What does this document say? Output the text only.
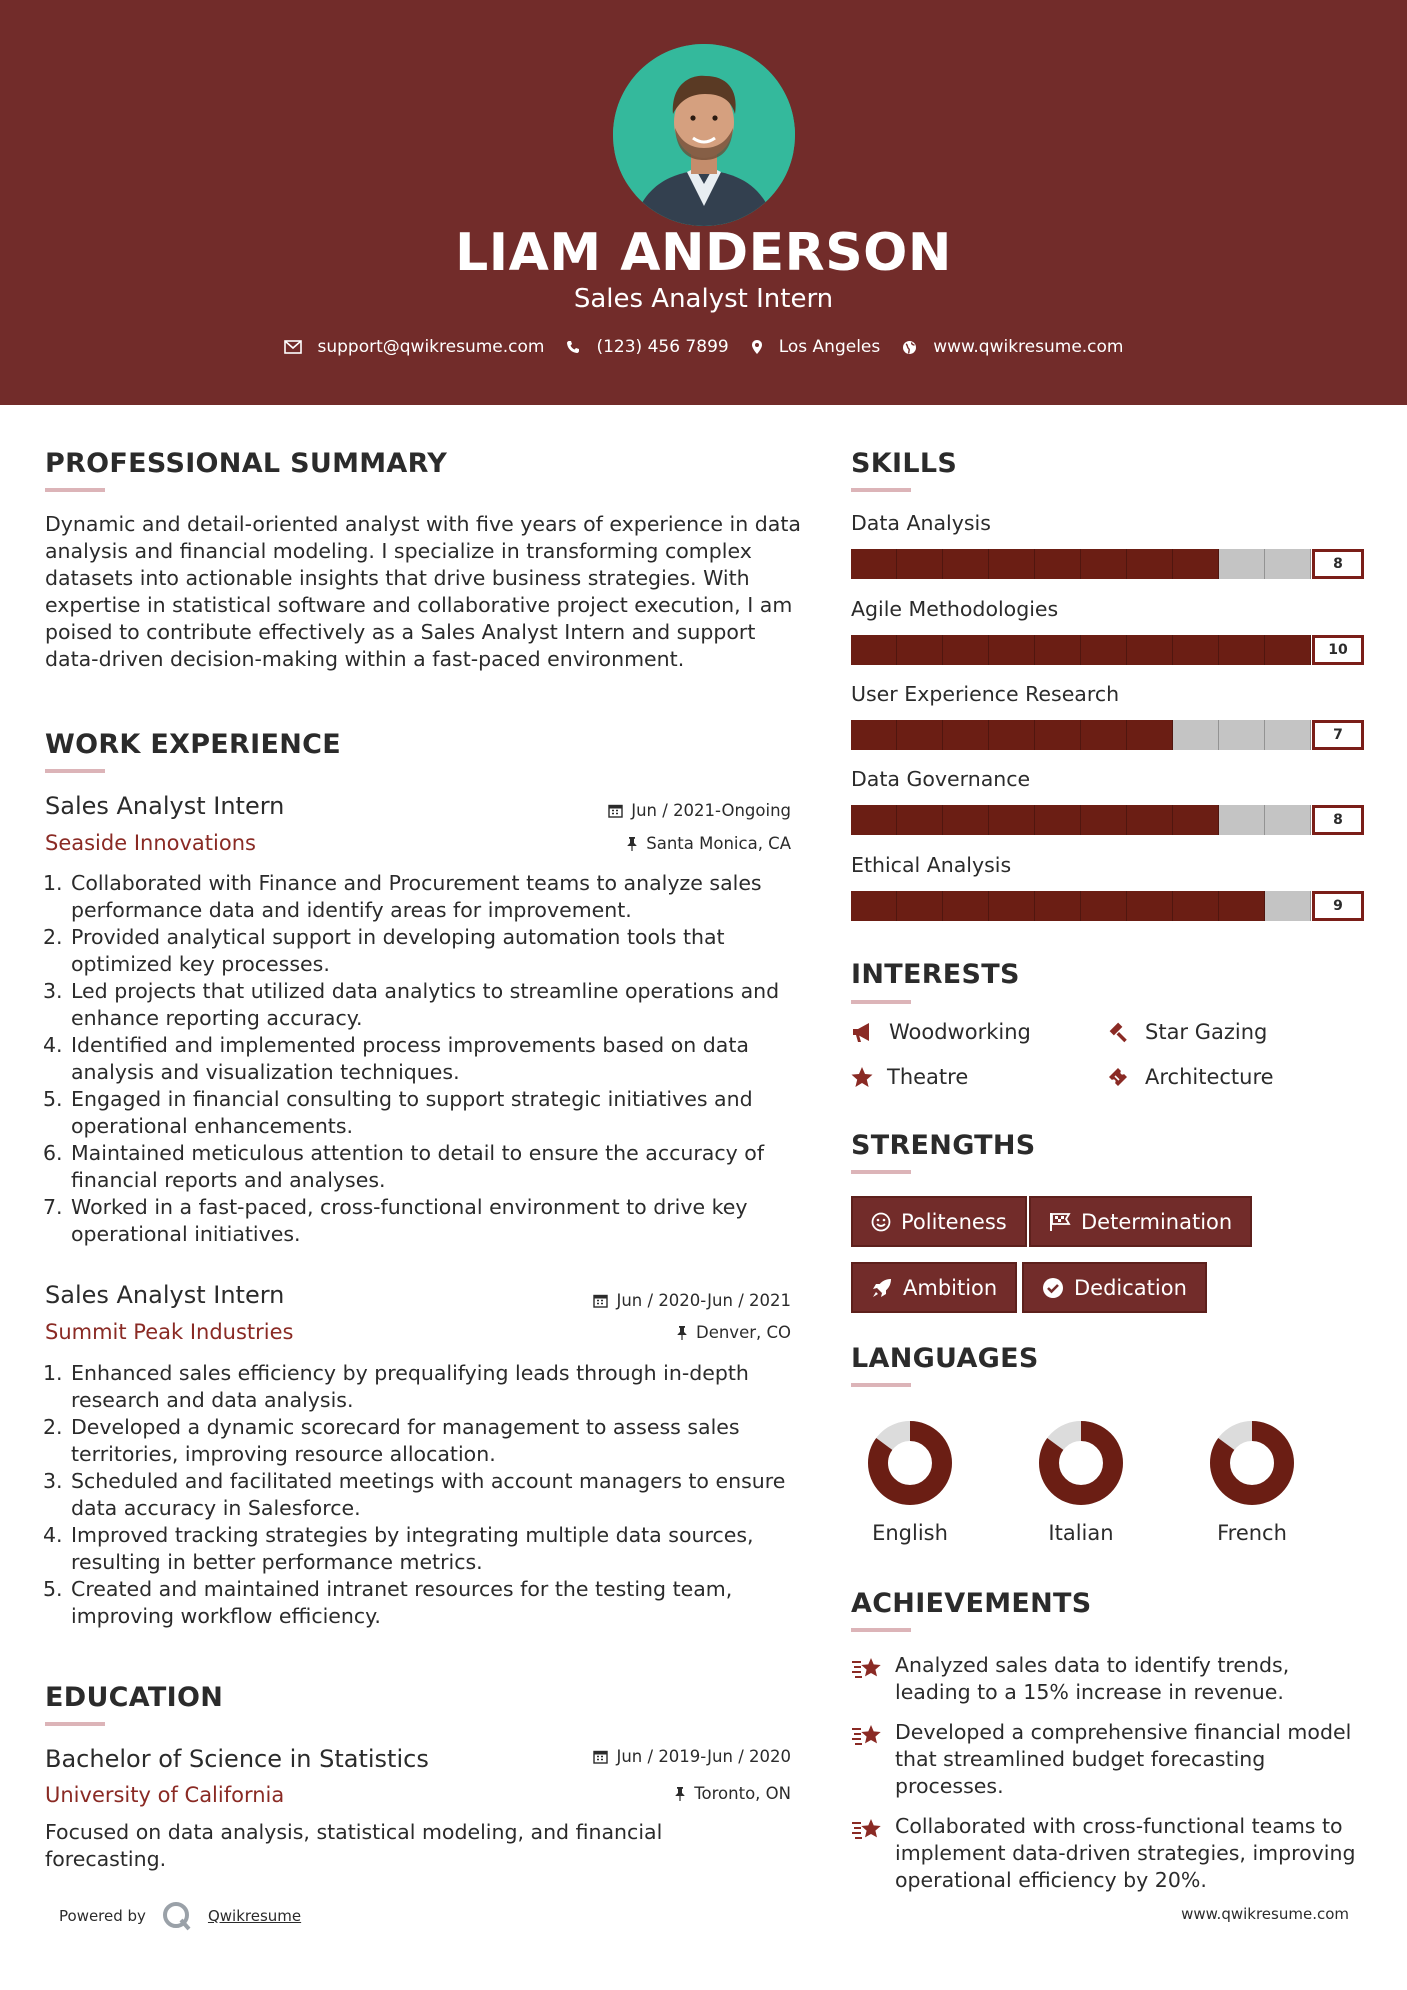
LIAM ANDERSON
Sales Analyst Intern
support@qwikresume.com	(123) 456 7899	Los Angeles	www.qwikresume.com
PROFESSIONAL SUMMARY
Dynamic and detail-oriented analyst with five years of experience in data analysis and financial modeling. I specialize in transforming complex datasets into actionable insights that drive business strategies. With expertise in statistical software and collaborative project execution, I am poised to contribute effectively as a Sales Analyst Intern and support data-driven decision-making within a fast-paced environment.
WORK EXPERIENCE
Sales Analyst Intern	Jun / 2021-Ongoing
Seaside Innovations	Santa Monica, CA
1. Collaborated with Finance and Procurement teams to analyze sales performance data and identify areas for improvement.
2. Provided analytical support in developing automation tools that optimized key processes.
3. Led projects that utilized data analytics to streamline operations and enhance reporting accuracy.
4. Identified and implemented process improvements based on data analysis and visualization techniques.
5. Engaged in financial consulting to support strategic initiatives and operational enhancements.
6. Maintained meticulous attention to detail to ensure the accuracy of financial reports and analyses.
7. Worked in a fast-paced, cross-functional environment to drive key operational initiatives.
Sales Analyst Intern	Jun / 2020-Jun / 2021
Summit Peak Industries	Denver, CO
1. Enhanced sales efficiency by prequalifying leads through in-depth research and data analysis.
2. Developed a dynamic scorecard for management to assess sales territories, improving resource allocation.
3. Scheduled and facilitated meetings with account managers to ensure data accuracy in Salesforce.
4. Improved tracking strategies by integrating multiple data sources, resulting in better performance metrics.
5. Created and maintained intranet resources for the testing team, improving workflow efficiency.
EDUCATION
Bachelor of Science in Statistics	Jun / 2019-Jun / 2020
University of California	Toronto, ON
Focused on data analysis, statistical modeling, and financial forecasting.
SKILLS
Data Analysis
8
Agile Methodologies
10
User Experience Research
7
Data Governance
8
Ethical Analysis
9
INTERESTS
Woodworking	Star Gazing
Theatre	Architecture
STRENGTHS
Politeness	Determination
Ambition	Dedication
LANGUAGES
English	Italian	French
ACHIEVEMENTS
Analyzed sales data to identify trends, leading to a 15% increase in revenue.
Developed a comprehensive financial model that streamlined budget forecasting processes.
Collaborated with cross-functional teams to implement data-driven strategies, improving operational efficiency by 20%.
Powered by	Qwikresume	www.qwikresume.com
